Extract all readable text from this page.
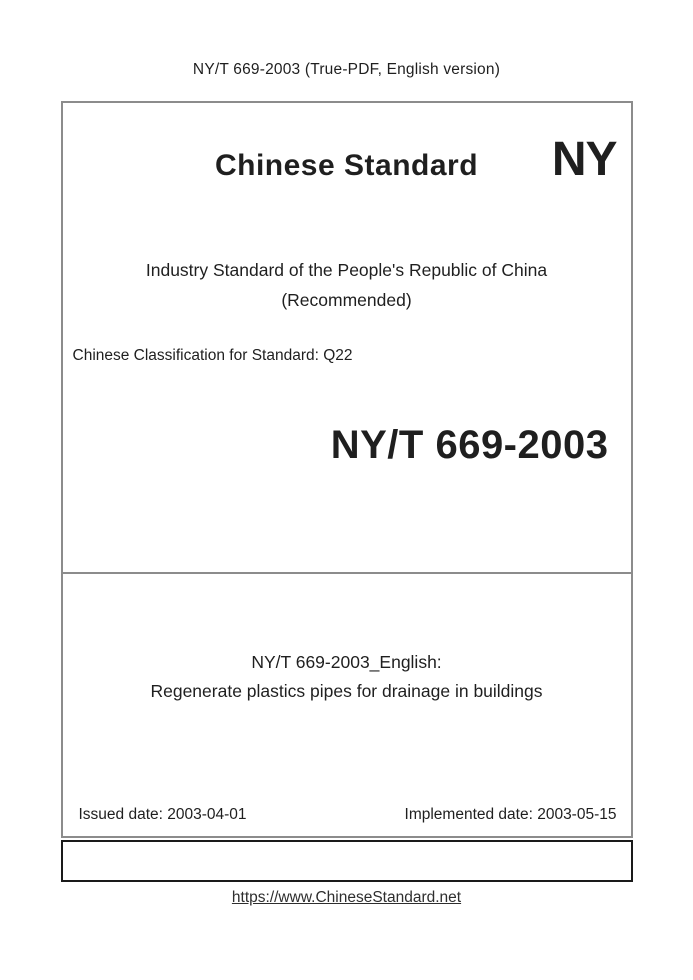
NY/T 669-2003 (True-PDF, English version)
Chinese Standard	NY
Industry Standard of the People's Republic of China
(Recommended)
Chinese Classification for Standard: Q22
NY/T 669-2003
NY/T 669-2003_English:
Regenerate plastics pipes for drainage in buildings
Issued date: 2003-04-01	Implemented date: 2003-05-15
https://www.ChineseStandard.net
